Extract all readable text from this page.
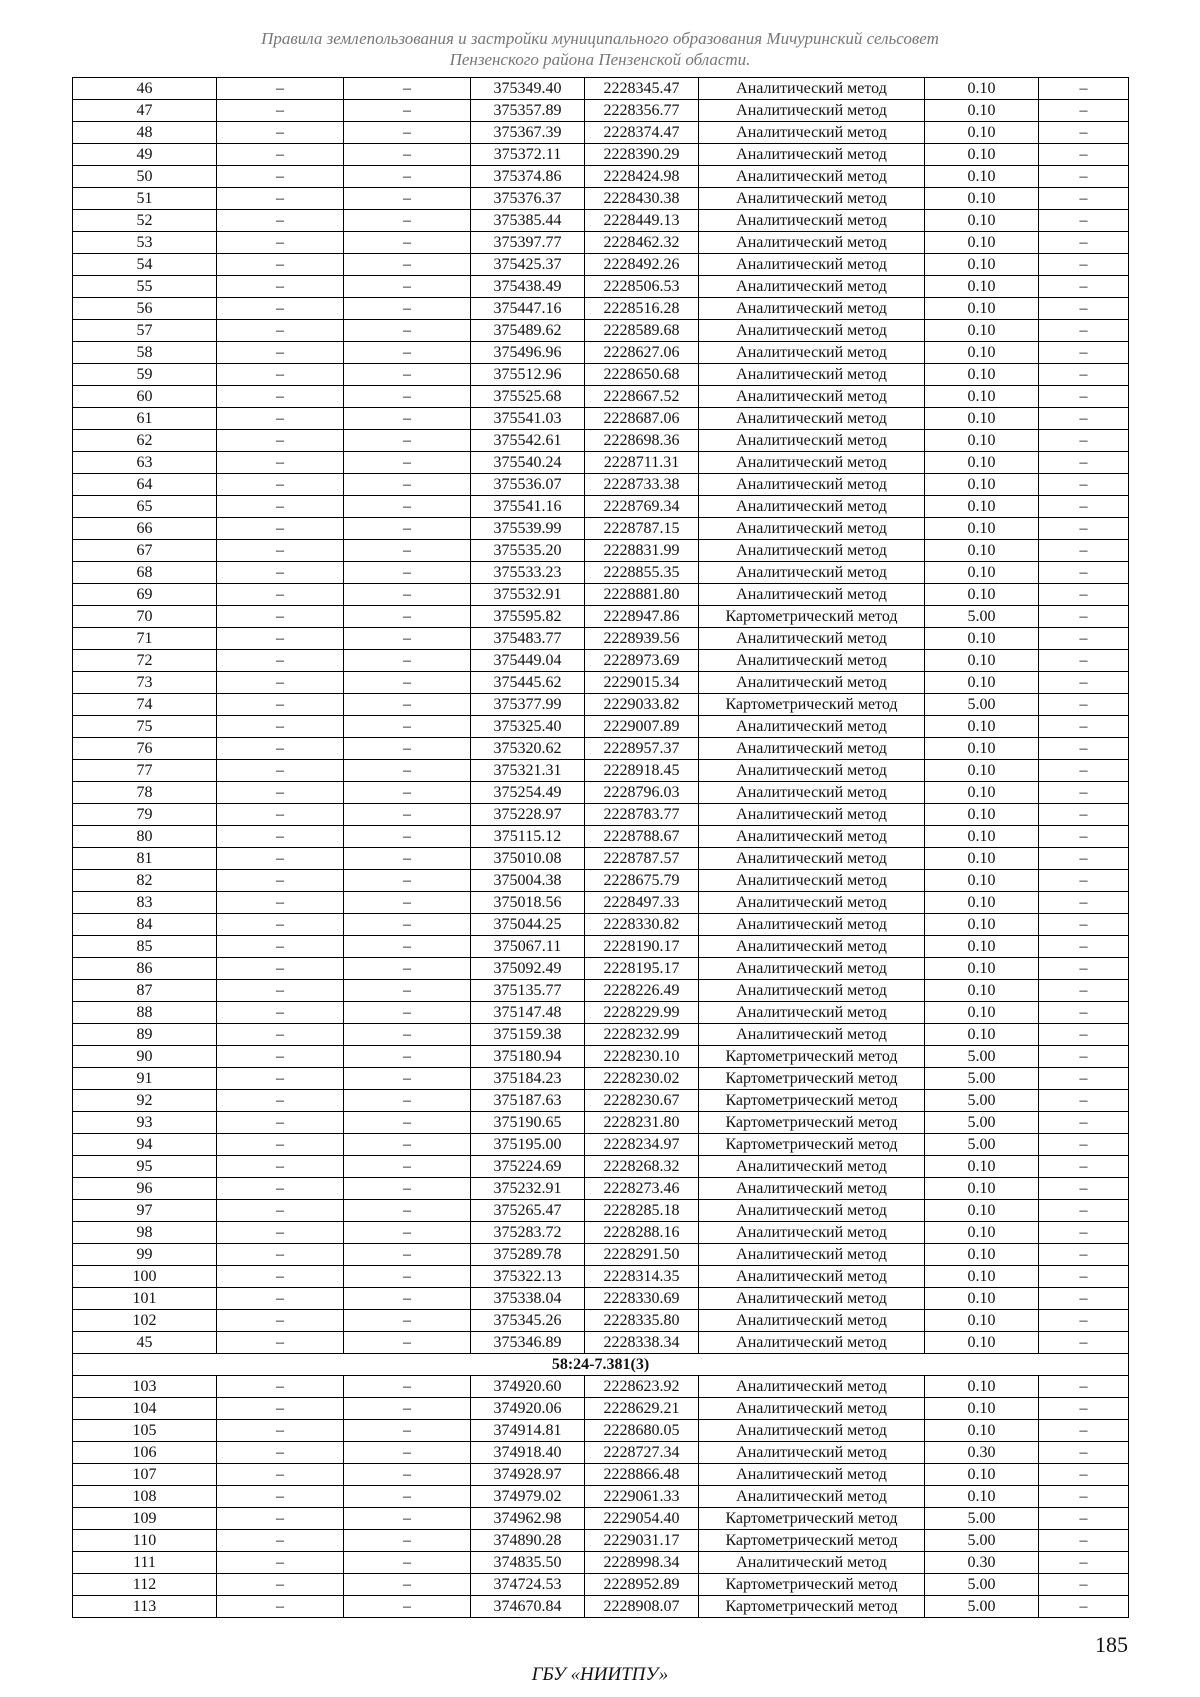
Правила землепользования и застройки муниципального образования Мичуринский сельсовет
Пензенского района Пензенской области.
46	–	–	375349.40	2228345.47	Аналитический метод	0.10	–
47	–	–	375357.89	2228356.77	Аналитический метод	0.10	–
48	–	–	375367.39	2228374.47	Аналитический метод	0.10	–
49	–	–	375372.11	2228390.29	Аналитический метод	0.10	–
50	–	–	375374.86	2228424.98	Аналитический метод	0.10	–
51	–	–	375376.37	2228430.38	Аналитический метод	0.10	–
52	–	–	375385.44	2228449.13	Аналитический метод	0.10	–
53	–	–	375397.77	2228462.32	Аналитический метод	0.10	–
54	–	–	375425.37	2228492.26	Аналитический метод	0.10	–
55	–	–	375438.49	2228506.53	Аналитический метод	0.10	–
56	–	–	375447.16	2228516.28	Аналитический метод	0.10	–
57	–	–	375489.62	2228589.68	Аналитический метод	0.10	–
58	–	–	375496.96	2228627.06	Аналитический метод	0.10	–
59	–	–	375512.96	2228650.68	Аналитический метод	0.10	–
60	–	–	375525.68	2228667.52	Аналитический метод	0.10	–
61	–	–	375541.03	2228687.06	Аналитический метод	0.10	–
62	–	–	375542.61	2228698.36	Аналитический метод	0.10	–
63	–	–	375540.24	2228711.31	Аналитический метод	0.10	–
64	–	–	375536.07	2228733.38	Аналитический метод	0.10	–
65	–	–	375541.16	2228769.34	Аналитический метод	0.10	–
66	–	–	375539.99	2228787.15	Аналитический метод	0.10	–
67	–	–	375535.20	2228831.99	Аналитический метод	0.10	–
68	–	–	375533.23	2228855.35	Аналитический метод	0.10	–
69	–	–	375532.91	2228881.80	Аналитический метод	0.10	–
70	–	–	375595.82	2228947.86	Картометрический метод	5.00	–
71	–	–	375483.77	2228939.56	Аналитический метод	0.10	–
72	–	–	375449.04	2228973.69	Аналитический метод	0.10	–
73	–	–	375445.62	2229015.34	Аналитический метод	0.10	–
74	–	–	375377.99	2229033.82	Картометрический метод	5.00	–
75	–	–	375325.40	2229007.89	Аналитический метод	0.10	–
76	–	–	375320.62	2228957.37	Аналитический метод	0.10	–
77	–	–	375321.31	2228918.45	Аналитический метод	0.10	–
78	–	–	375254.49	2228796.03	Аналитический метод	0.10	–
79	–	–	375228.97	2228783.77	Аналитический метод	0.10	–
80	–	–	375115.12	2228788.67	Аналитический метод	0.10	–
81	–	–	375010.08	2228787.57	Аналитический метод	0.10	–
82	–	–	375004.38	2228675.79	Аналитический метод	0.10	–
83	–	–	375018.56	2228497.33	Аналитический метод	0.10	–
84	–	–	375044.25	2228330.82	Аналитический метод	0.10	–
85	–	–	375067.11	2228190.17	Аналитический метод	0.10	–
86	–	–	375092.49	2228195.17	Аналитический метод	0.10	–
87	–	–	375135.77	2228226.49	Аналитический метод	0.10	–
88	–	–	375147.48	2228229.99	Аналитический метод	0.10	–
89	–	–	375159.38	2228232.99	Аналитический метод	0.10	–
90	–	–	375180.94	2228230.10	Картометрический метод	5.00	–
91	–	–	375184.23	2228230.02	Картометрический метод	5.00	–
92	–	–	375187.63	2228230.67	Картометрический метод	5.00	–
93	–	–	375190.65	2228231.80	Картометрический метод	5.00	–
94	–	–	375195.00	2228234.97	Картометрический метод	5.00	–
95	–	–	375224.69	2228268.32	Аналитический метод	0.10	–
96	–	–	375232.91	2228273.46	Аналитический метод	0.10	–
97	–	–	375265.47	2228285.18	Аналитический метод	0.10	–
98	–	–	375283.72	2228288.16	Аналитический метод	0.10	–
99	–	–	375289.78	2228291.50	Аналитический метод	0.10	–
100	–	–	375322.13	2228314.35	Аналитический метод	0.10	–
101	–	–	375338.04	2228330.69	Аналитический метод	0.10	–
102	–	–	375345.26	2228335.80	Аналитический метод	0.10	–
45	–	–	375346.89	2228338.34	Аналитический метод	0.10	–
58:24-7.381(3)							
103	–	–	374920.60	2228623.92	Аналитический метод	0.10	–
104	–	–	374920.06	2228629.21	Аналитический метод	0.10	–
105	–	–	374914.81	2228680.05	Аналитический метод	0.10	–
106	–	–	374918.40	2228727.34	Аналитический метод	0.30	–
107	–	–	374928.97	2228866.48	Аналитический метод	0.10	–
108	–	–	374979.02	2229061.33	Аналитический метод	0.10	–
109	–	–	374962.98	2229054.40	Картометрический метод	5.00	–
110	–	–	374890.28	2229031.17	Картометрический метод	5.00	–
111	–	–	374835.50	2228998.34	Аналитический метод	0.30	–
112	–	–	374724.53	2228952.89	Картометрический метод	5.00	–
113	–	–	374670.84	2228908.07	Картометрический метод	5.00	–
185
ГБУ «НИИТПУ»
